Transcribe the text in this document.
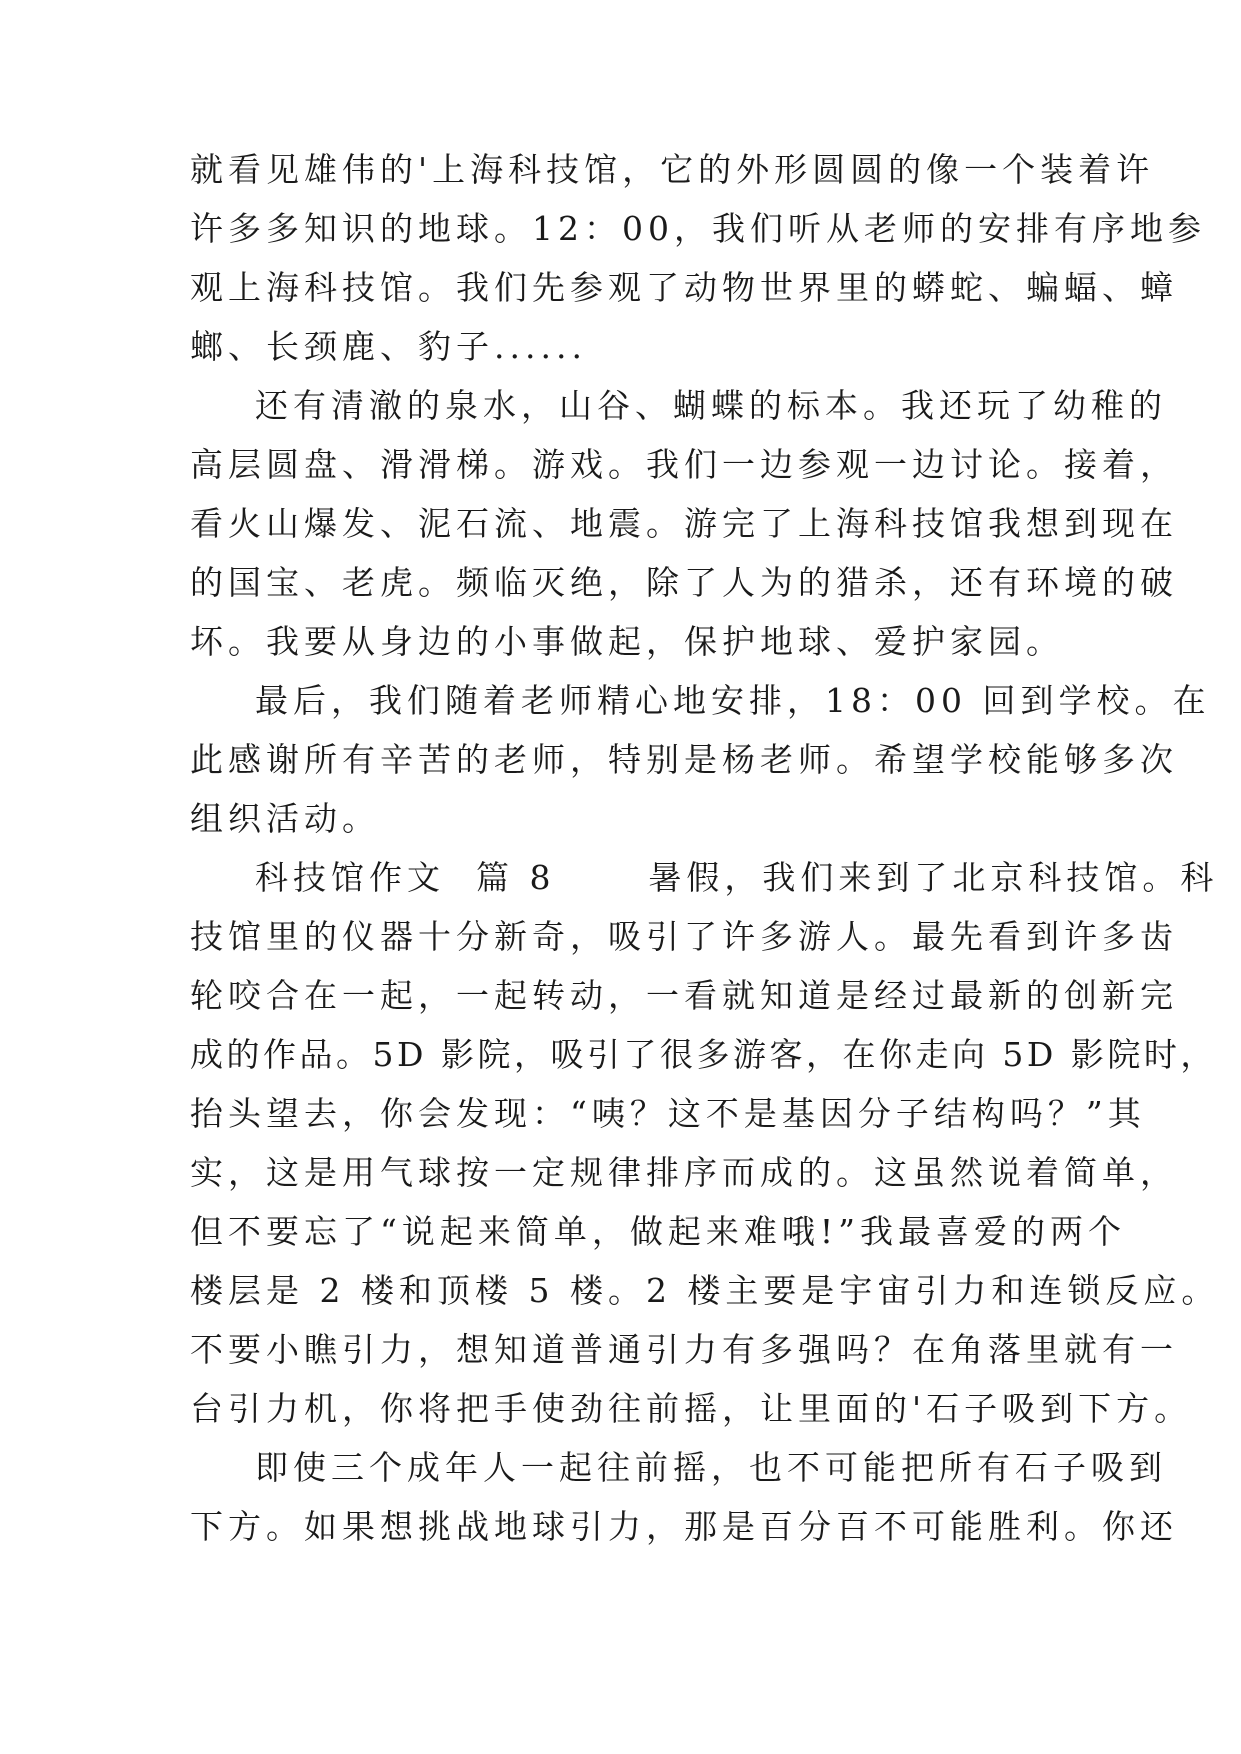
就看见雄伟的'上海科技馆，它的外形圆圆的像一个装着许
许多多知识的地球。12：00，我们听从老师的安排有序地参
观上海科技馆。我们先参观了动物世界里的蟒蛇、蝙蝠、蟑
螂、长颈鹿、豹子......
还有清澈的泉水，山谷、蝴蝶的标本。我还玩了幼稚的
高层圆盘、滑滑梯。游戏。我们一边参观一边讨论。接着，
看火山爆发、泥石流、地震。游完了上海科技馆我想到现在
的国宝、老虎。频临灭绝，除了人为的猎杀，还有环境的破
坏。我要从身边的小事做起，保护地球、爱护家园。
最后，我们随着老师精心地安排，18：00 回到学校。在
此感谢所有辛苦的老师，特别是杨老师。希望学校能够多次
组织活动。
科技馆作文  篇 8      暑假，我们来到了北京科技馆。科
技馆里的仪器十分新奇，吸引了许多游人。最先看到许多齿
轮咬合在一起，一起转动，一看就知道是经过最新的创新完
成的作品。5D 影院，吸引了很多游客，在你走向 5D 影院时，
抬头望去，你会发现：“咦？这不是基因分子结构吗？”其
实，这是用气球按一定规律排序而成的。这虽然说着简单，
但不要忘了“说起来简单，做起来难哦!”我最喜爱的两个
楼层是 2 楼和顶楼 5 楼。2 楼主要是宇宙引力和连锁反应。
不要小瞧引力，想知道普通引力有多强吗？在角落里就有一
台引力机，你将把手使劲往前摇，让里面的'石子吸到下方。
即使三个成年人一起往前摇，也不可能把所有石子吸到
下方。如果想挑战地球引力，那是百分百不可能胜利。你还
